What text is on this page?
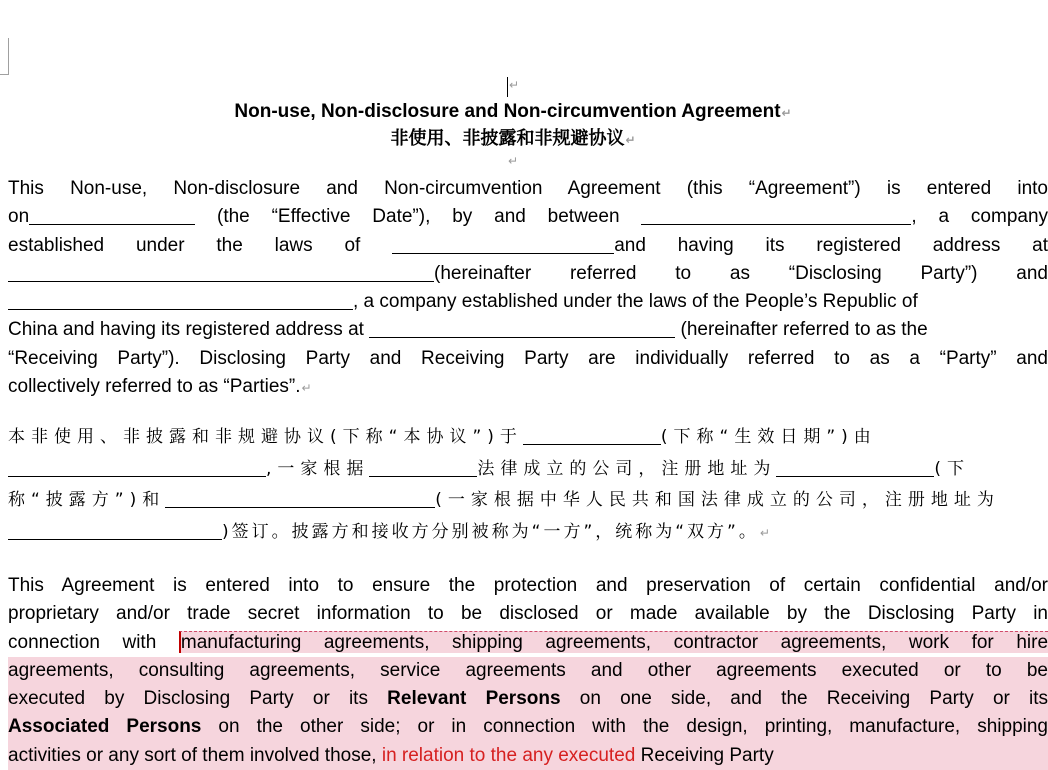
↵
Non-use, Non-disclosure and Non-circumvention Agreement↵
非使用、非披露和非规避协议↵
↵
This Non-use, Non-disclosure and Non-circumvention Agreement (this “Agreement”) is entered into
on	(the “Effective Date”), by and between	, a company
established under the laws of	and having its registered address at
(hereinafter referred to as “Disclosing Party”) and
, a company established under the laws of the People’s Republic of
China and having its registered address at	(hereinafter referred to as the
“Receiving Party”). Disclosing Party and Receiving Party are individually referred to as a “Party” and
collectively referred to as “Parties”.↵
本非使用、非披露和非规避协议(下称“本协议”)于	(下称“生效日期”)由
,一家根据	法律成立的公司，注册地址为	(下
称“披露方”)和	(一家根据中华人民共和国法律成立的公司，注册地址为
)签订。披露方和接收方分别被称为“一方”，统称为“双方”。↵
This Agreement is entered into to ensure the protection and preservation of certain confidential and/or
proprietary and/or trade secret information to be disclosed or made available by the Disclosing Party in
connection with manufacturing agreements, shipping agreements, contractor agreements, work for hire
agreements, consulting agreements, service agreements and other agreements executed or to be
executed by Disclosing Party or its Relevant Persons on one side, and the Receiving Party or its
Associated Persons on the other side; or in connection with the design, printing, manufacture, shipping
activities or any sort of them involved those, in relation to the any executed Receiving Party
